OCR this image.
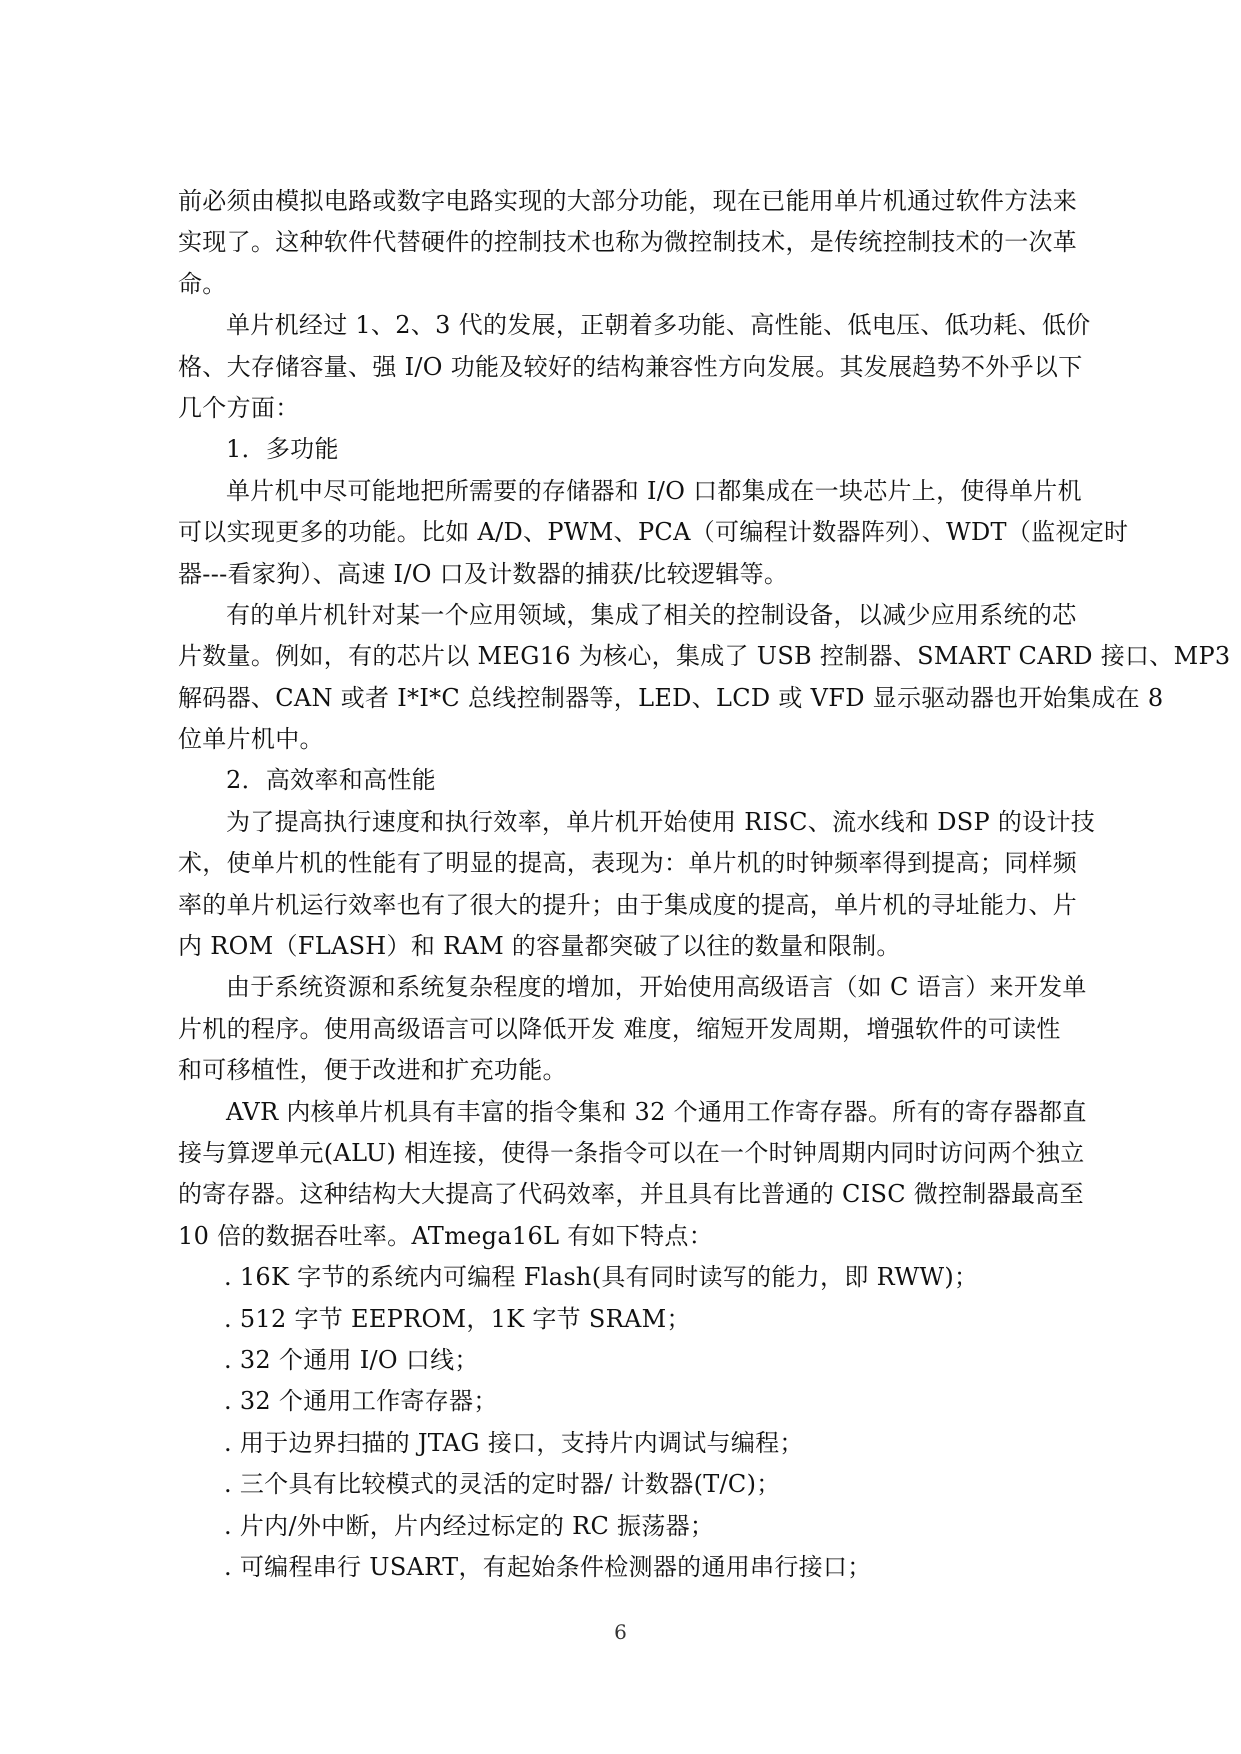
前必须由模拟电路或数字电路实现的大部分功能，现在已能用单片机通过软件方法来
实现了。这种软件代替硬件的控制技术也称为微控制技术，是传统控制技术的一次革
命。
单片机经过 1、2、3 代的发展，正朝着多功能、高性能、低电压、低功耗、低价
格、大存储容量、强 I/O 功能及较好的结构兼容性方向发展。其发展趋势不外乎以下
几个方面：
1．多功能
单片机中尽可能地把所需要的存储器和 I/O 口都集成在一块芯片上，使得单片机
可以实现更多的功能。比如 A/D、PWM、PCA（可编程计数器阵列）、WDT（监视定时
器---看家狗）、高速 I/O 口及计数器的捕获/比较逻辑等。
有的单片机针对某一个应用领域，集成了相关的控制设备，以减少应用系统的芯
片数量。例如，有的芯片以 MEG16 为核心，集成了 USB 控制器、SMART CARD 接口、MP3
解码器、CAN 或者 I*I*C 总线控制器等，LED、LCD 或 VFD 显示驱动器也开始集成在 8
位单片机中。
2．高效率和高性能
为了提高执行速度和执行效率，单片机开始使用 RISC、流水线和 DSP 的设计技
术，使单片机的性能有了明显的提高，表现为：单片机的时钟频率得到提高；同样频
率的单片机运行效率也有了很大的提升；由于集成度的提高，单片机的寻址能力、片
内 ROM（FLASH）和 RAM 的容量都突破了以往的数量和限制。
由于系统资源和系统复杂程度的增加，开始使用高级语言（如 C 语言）来开发单
片机的程序。使用高级语言可以降低开发 难度，缩短开发周期，增强软件的可读性
和可移植性，便于改进和扩充功能。
AVR 内核单片机具有丰富的指令集和 32 个通用工作寄存器。所有的寄存器都直
接与算逻单元(ALU) 相连接，使得一条指令可以在一个时钟周期内同时访问两个独立
的寄存器。这种结构大大提高了代码效率，并且具有比普通的 CISC 微控制器最高至
10 倍的数据吞吐率。ATmega16L 有如下特点：
. 16K 字节的系统内可编程 Flash(具有同时读写的能力，即 RWW)；
. 512 字节 EEPROM，1K 字节 SRAM；
. 32 个通用 I/O 口线；
. 32 个通用工作寄存器；
. 用于边界扫描的 JTAG 接口，支持片内调试与编程；
. 三个具有比较模式的灵活的定时器/ 计数器(T/C)；
. 片内/外中断，片内经过标定的 RC 振荡器；
. 可编程串行 USART，有起始条件检测器的通用串行接口；
6
